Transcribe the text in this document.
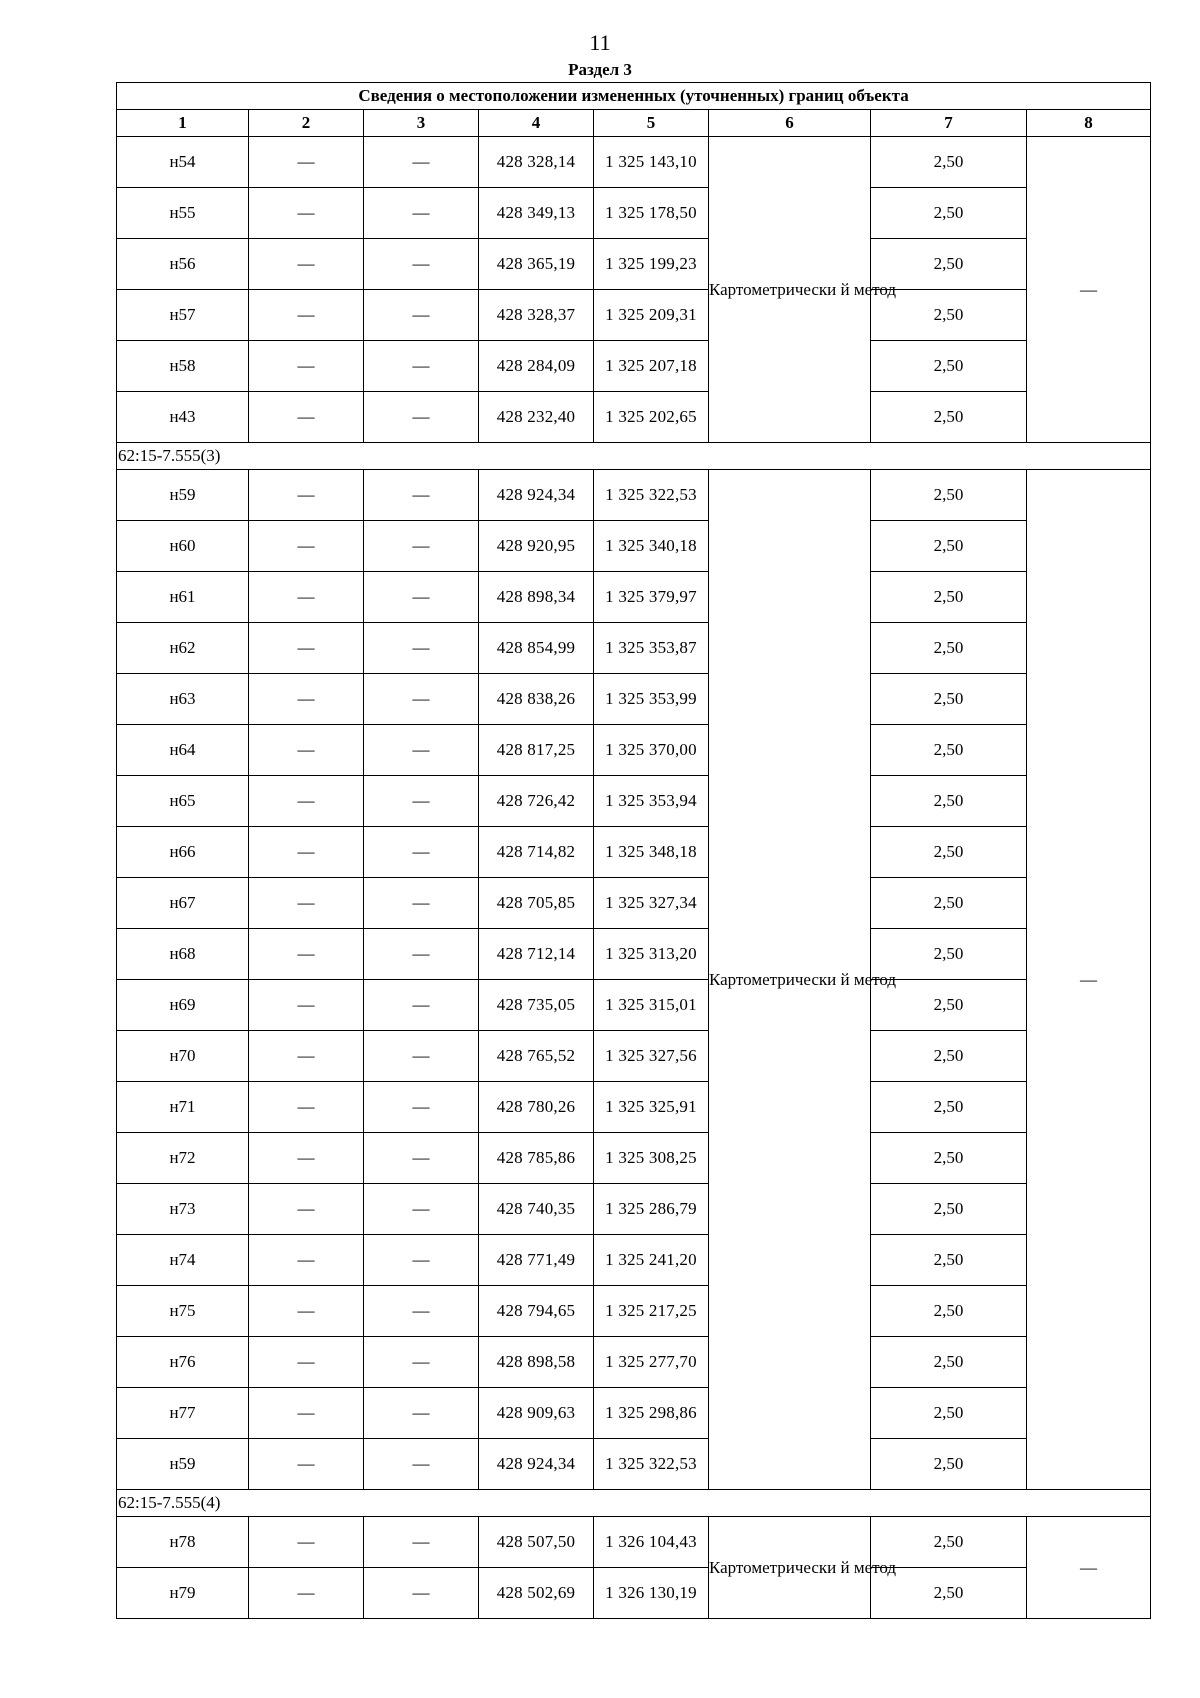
11
Раздел 3
Сведения о местоположении измененных (уточненных) границ объекта							
1	2	3	4	5	6	7	8
н54	—	—	428 328,14	1 325 143,10	Картометрически й метод	2,50	—
н55	—	—	428 349,13	1 325 178,50		2,50	
н56	—	—	428 365,19	1 325 199,23		2,50	
н57	—	—	428 328,37	1 325 209,31		2,50	
н58	—	—	428 284,09	1 325 207,18		2,50	
н43	—	—	428 232,40	1 325 202,65		2,50	
62:15-7.555(3)							
н59	—	—	428 924,34	1 325 322,53	Картометрически й метод	2,50	—
н60	—	—	428 920,95	1 325 340,18		2,50	
н61	—	—	428 898,34	1 325 379,97		2,50	
н62	—	—	428 854,99	1 325 353,87		2,50	
н63	—	—	428 838,26	1 325 353,99		2,50	
н64	—	—	428 817,25	1 325 370,00		2,50	
н65	—	—	428 726,42	1 325 353,94		2,50	
н66	—	—	428 714,82	1 325 348,18		2,50	
н67	—	—	428 705,85	1 325 327,34		2,50	
н68	—	—	428 712,14	1 325 313,20		2,50	
н69	—	—	428 735,05	1 325 315,01		2,50	
н70	—	—	428 765,52	1 325 327,56		2,50	
н71	—	—	428 780,26	1 325 325,91		2,50	
н72	—	—	428 785,86	1 325 308,25		2,50	
н73	—	—	428 740,35	1 325 286,79		2,50	
н74	—	—	428 771,49	1 325 241,20		2,50	
н75	—	—	428 794,65	1 325 217,25		2,50	
н76	—	—	428 898,58	1 325 277,70		2,50	
н77	—	—	428 909,63	1 325 298,86		2,50	
н59	—	—	428 924,34	1 325 322,53		2,50	
62:15-7.555(4)							
н78	—	—	428 507,50	1 326 104,43	Картометрически й метод	2,50	—
н79	—	—	428 502,69	1 326 130,19		2,50	
